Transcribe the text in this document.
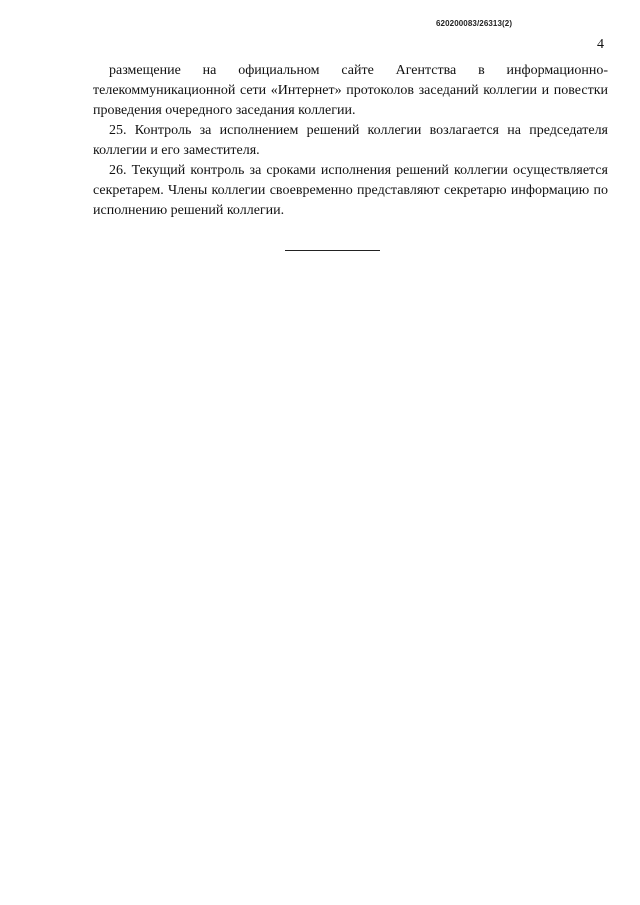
620200083/26313(2)
4

размещение на официальном сайте Агентства в информационно-
телекоммуникационной сети «Интернет» протоколов заседаний коллегии и повестки проведения очередного заседания коллегии.

25. Контроль за исполнением решений коллегии возлагается на председателя коллегии и его заместителя.

26. Текущий контроль за сроками исполнения решений коллегии осуществляется секретарем. Члены коллегии своевременно представляют секретарю информацию по исполнению решений коллегии.
